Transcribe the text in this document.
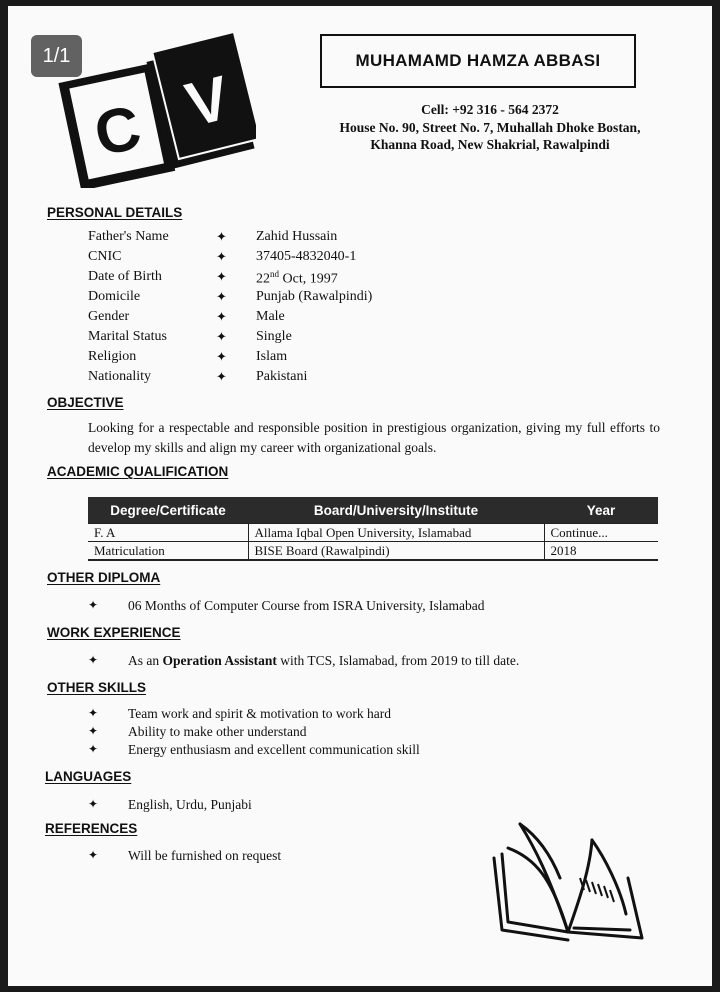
1/1
V
C
MUHAMAMD HAMZA ABBASI
Cell: +92 316 - 564 2372
House No. 90, Street No. 7, Muhallah Dhoke Bostan,
Khanna Road, New Shakrial, Rawalpindi
PERSONAL DETAILS
Father's Name	✦ Zahid Hussain
CNIC	✦ 37405-4832040-1
Date of Birth	✦ 22nd Oct, 1997
Domicile	✦ Punjab (Rawalpindi)
Gender	✦ Male
Marital Status	✦ Single
Religion	✦ Islam
Nationality	✦ Pakistani
OBJECTIVE
Looking for a respectable and responsible position in prestigious organization, giving my full efforts to develop my skills and align my career with organizational goals.
ACADEMIC QUALIFICATION
Degree/Certificate	Board/University/Institute	Year
F. A	Allama Iqbal Open University, Islamabad	Continue...
Matriculation	BISE Board (Rawalpindi)	2018
OTHER DIPLOMA
✦ 06 Months of Computer Course from ISRA University, Islamabad
WORK EXPERIENCE
✦ As an Operation Assistant with TCS, Islamabad, from 2019 to till date.
OTHER SKILLS
✦ Team work and spirit & motivation to work hard
✦ Ability to make other understand
✦ Energy enthusiasm and excellent communication skill
LANGUAGES
✦ English, Urdu, Punjabi
REFERENCES
✦ Will be furnished on request
